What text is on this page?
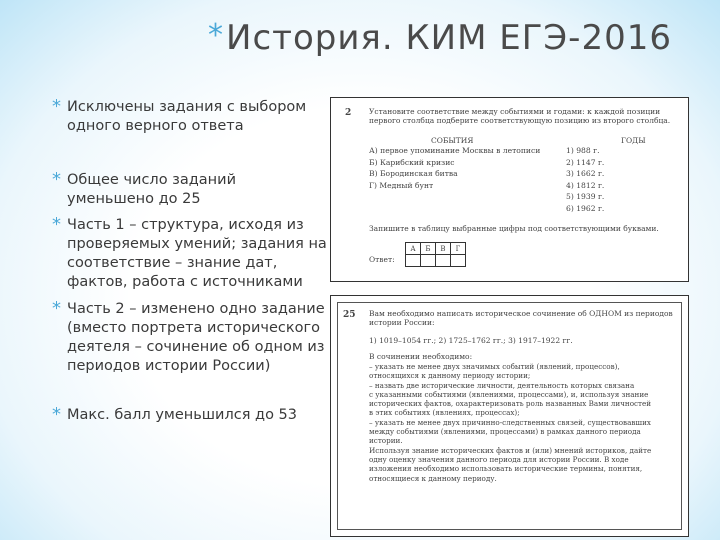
*История. КИМ ЕГЭ-2016
* Исключены задания с выбором одного верного ответа
* Общее число заданий уменьшено до 25
* Часть 1 – структура, исходя из проверяемых умений; задания на соответствие – знание дат, фактов, работа с источниками
* Часть 2 – изменено одно задание (вместо портрета исторического деятеля – сочинение об одном из периодов истории России)
* Макс. балл уменьшился до 53
2 Установите соответствие между событиями и годами: к каждой позиции
первого столбца подберите соответствующую позицию из второго столбца.
СОБЫТИЯ	ГОДЫ
А) первое упоминание Москвы в летописи
Б) Карибский кризис
В) Бородинская битва
Г) Медный бунт
1) 988 г.
2) 1147 г.
3) 1662 г.
4) 1812 г.
5) 1939 г.
6) 1962 г.
Запишите в таблицу выбранные цифры под соответствующими буквами.
А	Б	В	Г

Ответ:
25 Вам необходимо написать историческое сочинение об ОДНОМ из периодов
истории России:
1) 1019–1054 гг.; 2) 1725–1762 гг.; 3) 1917–1922 гг.
В сочинении необходимо:
– указать не менее двух значимых событий (явлений, процессов),
относящихся к данному периоду истории;
– назвать две исторические личности, деятельность которых связана
с указанными событиями (явлениями, процессами), и, используя знание
исторических фактов, охарактеризовать роль названных Вами личностей
в этих событиях (явлениях, процессах);
– указать не менее двух причинно-следственных связей, существовавших
между событиями (явлениями, процессами) в рамках данного периода
истории.
Используя знание исторических фактов и (или) мнений историков, дайте
одну оценку значения данного периода для истории России. В ходе
изложения необходимо использовать исторические термины, понятия,
относящиеся к данному периоду.
